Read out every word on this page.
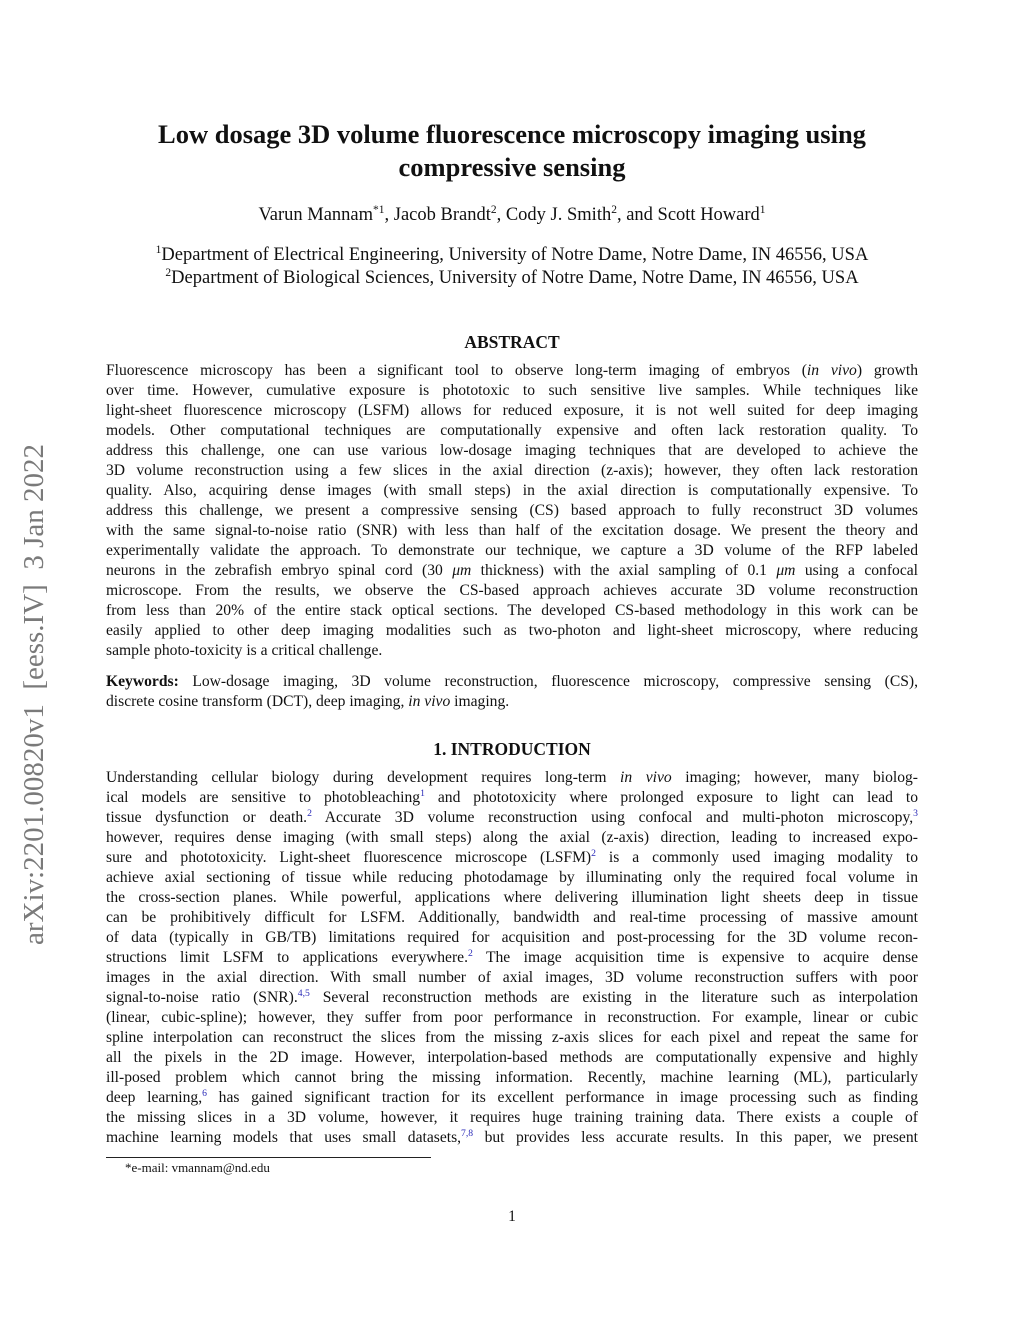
arXiv:2201.00820v1  [eess.IV]  3 Jan 2022
Low dosage 3D volume fluorescence microscopy imaging using
compressive sensing
Varun Mannam$^{*1}$, Jacob Brandt$^2$, Cody J. Smith$^2$, and Scott Howard$^1$
$^1$Department of Electrical Engineering, University of Notre Dame, Notre Dame, IN 46556, USA
$^2$Department of Biological Sciences, University of Notre Dame, Notre Dame, IN 46556, USA
ABSTRACT
Fluorescence microscopy has been a significant tool to observe long-term imaging of embryos (in vivo) growth
over time. However, cumulative exposure is phototoxic to such sensitive live samples. While techniques like
light-sheet fluorescence microscopy (LSFM) allows for reduced exposure, it is not well suited for deep imaging
models. Other computational techniques are computationally expensive and often lack restoration quality. To
address this challenge, one can use various low-dosage imaging techniques that are developed to achieve the
3D volume reconstruction using a few slices in the axial direction (z-axis); however, they often lack restoration
quality. Also, acquiring dense images (with small steps) in the axial direction is computationally expensive. To
address this challenge, we present a compressive sensing (CS) based approach to fully reconstruct 3D volumes
with the same signal-to-noise ratio (SNR) with less than half of the excitation dosage. We present the theory and
experimentally validate the approach. To demonstrate our technique, we capture a 3D volume of the RFP labeled
neurons in the zebrafish embryo spinal cord (30 μm thickness) with the axial sampling of 0.1 μm using a confocal
microscope. From the results, we observe the CS-based approach achieves accurate 3D volume reconstruction
from less than 20% of the entire stack optical sections. The developed CS-based methodology in this work can be
easily applied to other deep imaging modalities such as two-photon and light-sheet microscopy, where reducing
sample photo-toxicity is a critical challenge.
Keywords: Low-dosage imaging, 3D volume reconstruction, fluorescence microscopy, compressive sensing (CS),
discrete cosine transform (DCT), deep imaging, in vivo imaging.
1. INTRODUCTION
Understanding cellular biology during development requires long-term in vivo imaging; however, many biolog-
ical models are sensitive to photobleaching$^1$ and phototoxicity where prolonged exposure to light can lead to
tissue dysfunction or death.$^2$ Accurate 3D volume reconstruction using confocal and multi-photon microscopy,$^3$
however, requires dense imaging (with small steps) along the axial (z-axis) direction, leading to increased expo-
sure and phototoxicity. Light-sheet fluorescence microscope (LSFM)$^2$ is a commonly used imaging modality to
achieve axial sectioning of tissue while reducing photodamage by illuminating only the required focal volume in
the cross-section planes. While powerful, applications where delivering illumination light sheets deep in tissue
can be prohibitively difficult for LSFM. Additionally, bandwidth and real-time processing of massive amount
of data (typically in GB/TB) limitations required for acquisition and post-processing for the 3D volume recon-
structions limit LSFM to applications everywhere.$^2$ The image acquisition time is expensive to acquire dense
images in the axial direction. With small number of axial images, 3D volume reconstruction suffers with poor
signal-to-noise ratio (SNR).$^{4,5}$ Several reconstruction methods are existing in the literature such as interpolation
(linear, cubic-spline); however, they suffer from poor performance in reconstruction. For example, linear or cubic
spline interpolation can reconstruct the slices from the missing z-axis slices for each pixel and repeat the same for
all the pixels in the 2D image. However, interpolation-based methods are computationally expensive and highly
ill-posed problem which cannot bring the missing information. Recently, machine learning (ML), particularly
deep learning,$^6$ has gained significant traction for its excellent performance in image processing such as finding
the missing slices in a 3D volume, however, it requires huge training training data. There exists a couple of
machine learning models that uses small datasets,$^{7,8}$ but provides less accurate results. In this paper, we present
*e-mail: vmannam@nd.edu
1
